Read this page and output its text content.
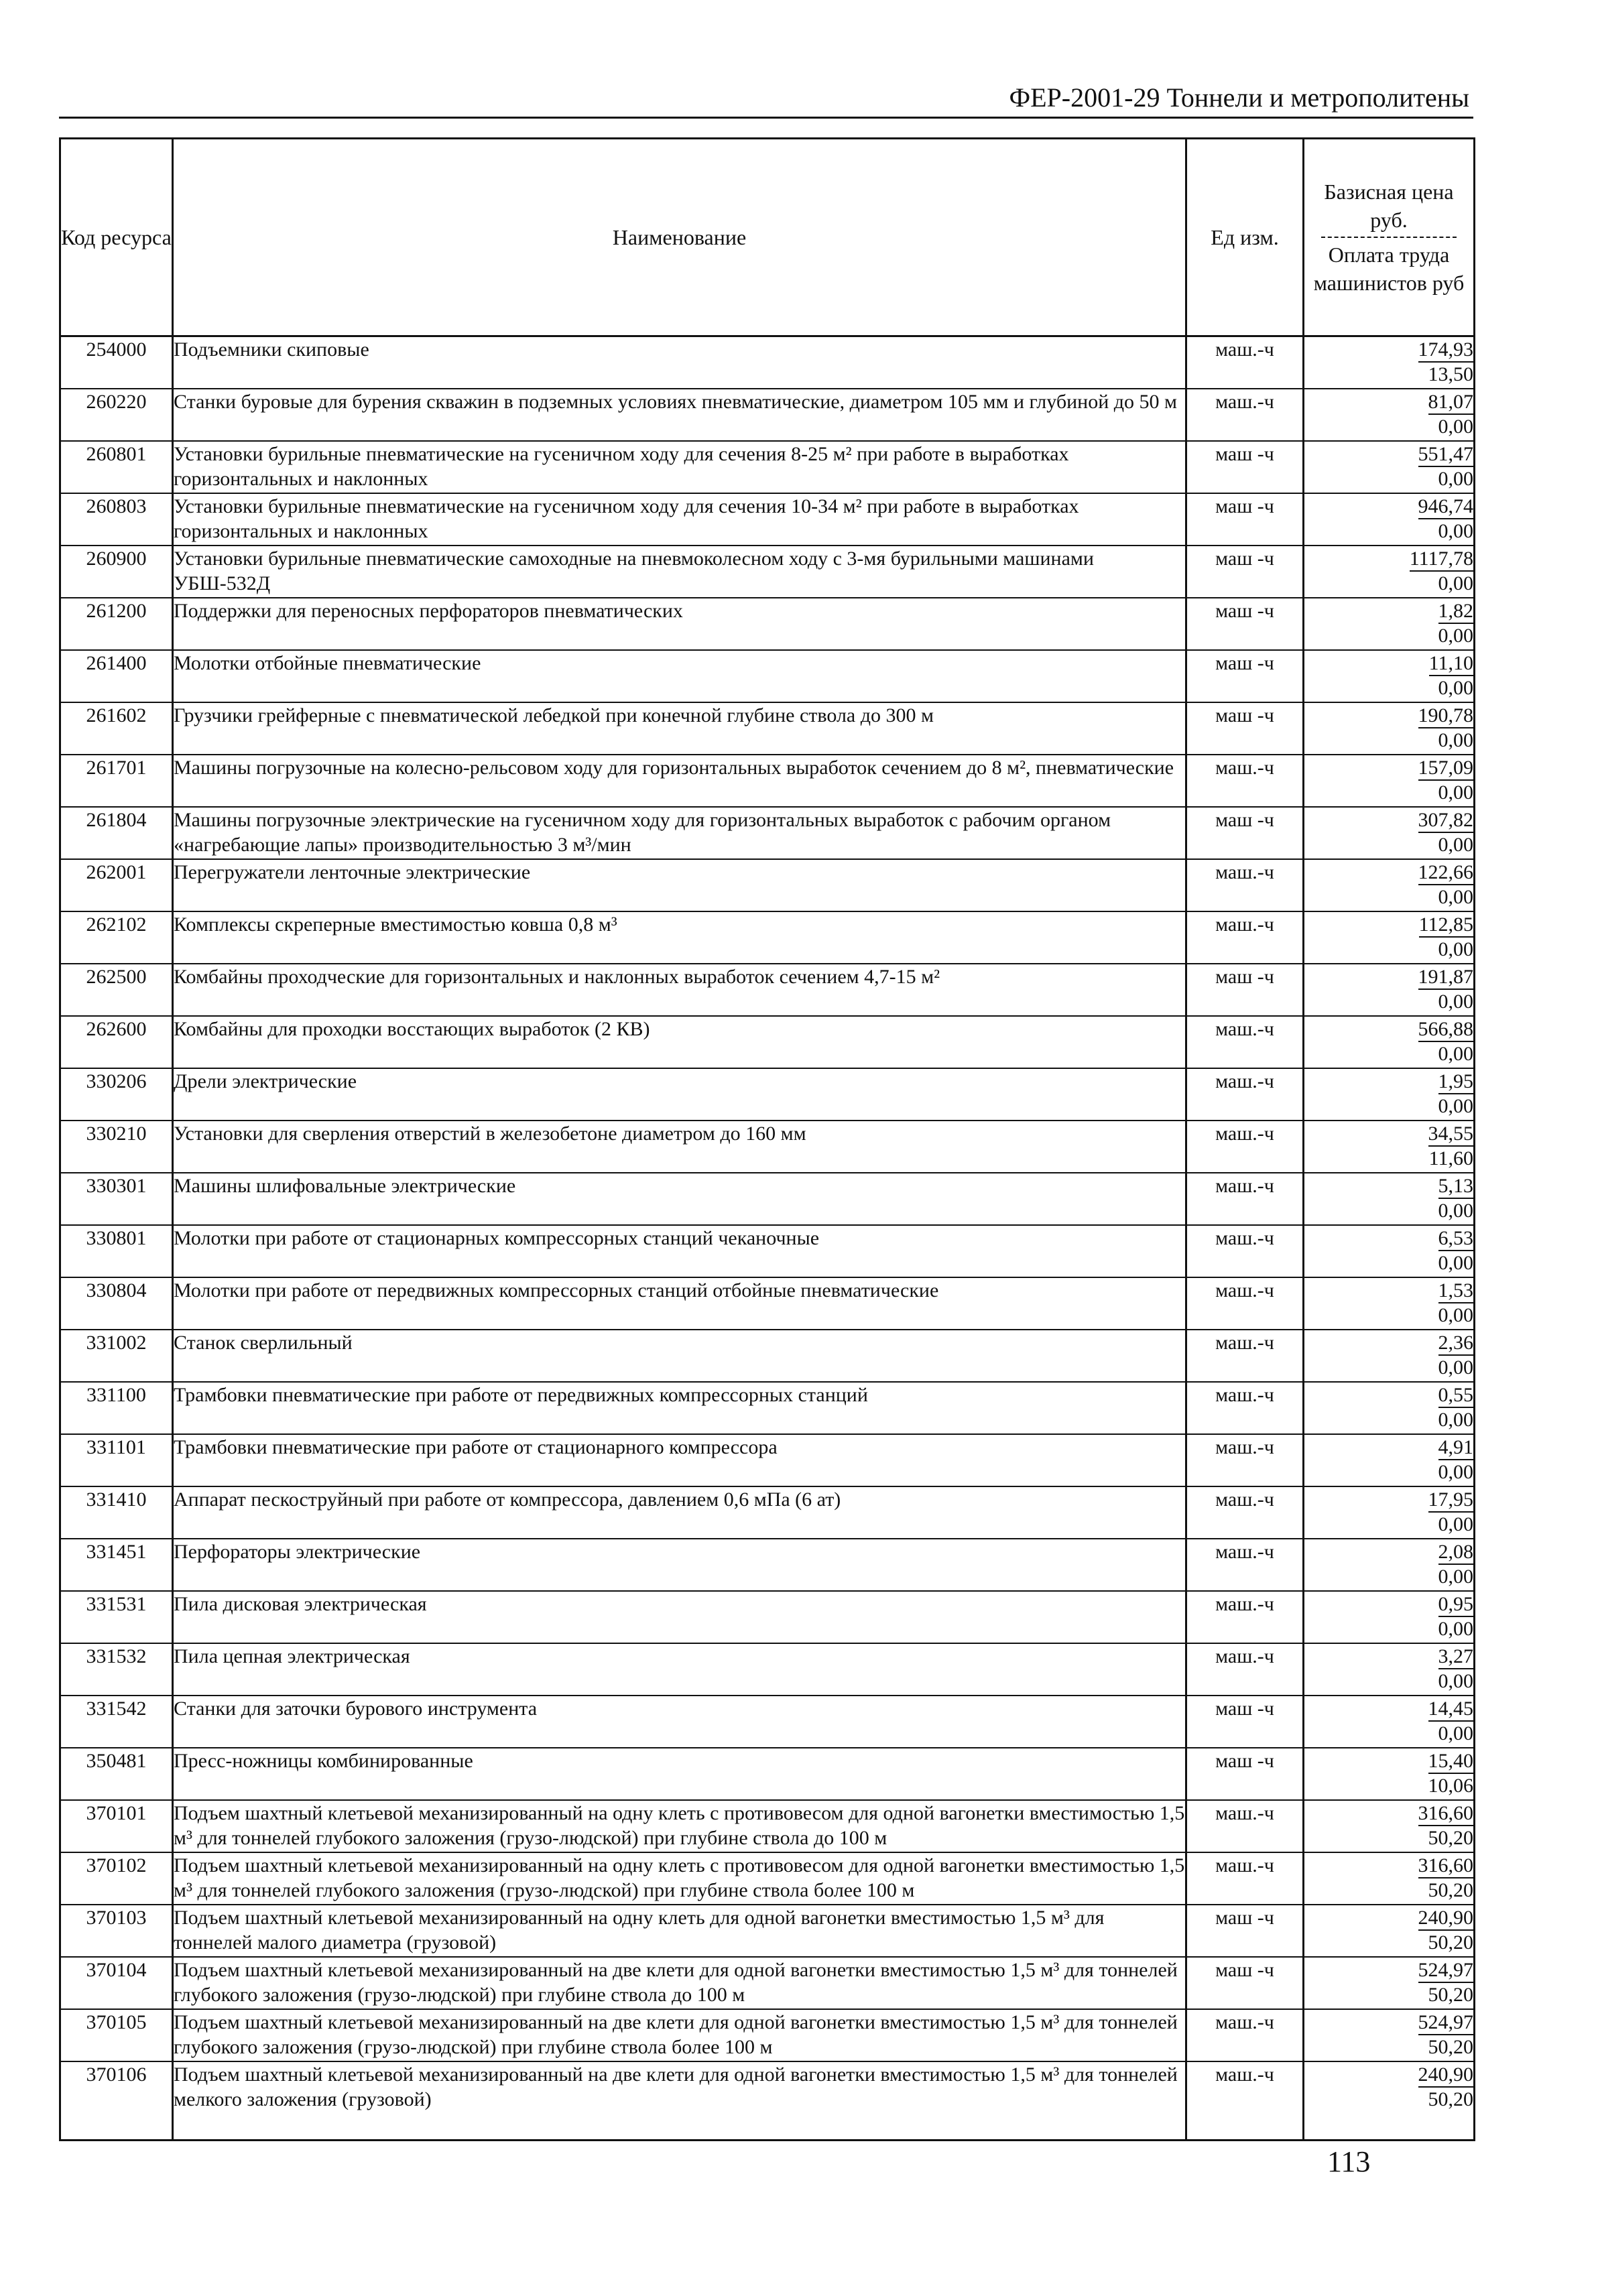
ФЕР-2001-29 Тоннели и метрополитены
Код ресурса	Наименование	Ед изм.	Базисная цена руб.
Оплата труда машинистов руб

254000	Подъемники скиповые	маш.-ч	174,93
13,50

260220	Станки буровые для бурения скважин в подземных условиях пневматические, диаметром 105 мм и глубиной до 50 м	маш.-ч	81,07
0,00

260801	Установки бурильные пневматические на гусеничном ходу для сечения 8-25 м² при работе в выработках горизонтальных и наклонных	маш -ч	551,47
0,00

260803	Установки бурильные пневматические на гусеничном ходу для сечения 10-34 м² при работе в выработках горизонтальных и наклонных	маш -ч	946,74
0,00

260900	Установки бурильные пневматические самоходные на пневмоколесном ходу с 3-мя бурильными машинами УБШ-532Д	маш -ч	1117,78
0,00

261200	Поддержки для переносных перфораторов пневматических	маш -ч	1,82
0,00

261400	Молотки отбойные пневматические	маш -ч	11,10
0,00

261602	Грузчики грейферные с пневматической лебедкой при конечной глубине ствола до 300 м	маш -ч	190,78
0,00

261701	Машины погрузочные на колесно-рельсовом ходу для горизонтальных выработок сечением до 8 м², пневматические	маш.-ч	157,09
0,00

261804	Машины погрузочные электрические на гусеничном ходу для горизонтальных выработок с рабочим органом «нагребающие лапы» производительностью 3 м³/мин	маш -ч	307,82
0,00

262001	Перегружатели ленточные электрические	маш.-ч	122,66
0,00

262102	Комплексы скреперные вместимостью ковша 0,8 м³	маш.-ч	112,85
0,00

262500	Комбайны проходческие для горизонтальных и наклонных выработок сечением 4,7-15 м²	маш -ч	191,87
0,00

262600	Комбайны для проходки восстающих выработок (2 КВ)	маш.-ч	566,88
0,00

330206	Дрели электрические	маш.-ч	1,95
0,00

330210	Установки для сверления отверстий в железобетоне диаметром до 160 мм	маш.-ч	34,55
11,60

330301	Машины шлифовальные электрические	маш.-ч	5,13
0,00

330801	Молотки при работе от стационарных компрессорных станций чеканочные	маш.-ч	6,53
0,00

330804	Молотки при работе от передвижных компрессорных станций отбойные пневматические	маш.-ч	1,53
0,00

331002	Станок сверлильный	маш.-ч	2,36
0,00

331100	Трамбовки пневматические при работе от передвижных компрессорных станций	маш.-ч	0,55
0,00

331101	Трамбовки пневматические при работе от стационарного компрессора	маш.-ч	4,91
0,00

331410	Аппарат пескоструйный при работе от компрессора, давлением 0,6 мПа (6 ат)	маш.-ч	17,95
0,00

331451	Перфораторы электрические	маш.-ч	2,08
0,00

331531	Пила дисковая электрическая	маш.-ч	0,95
0,00

331532	Пила цепная электрическая	маш.-ч	3,27
0,00

331542	Станки для заточки бурового инструмента	маш -ч	14,45
0,00

350481	Пресс-ножницы комбинированные	маш -ч	15,40
10,06

370101	Подъем шахтный клетьевой механизированный на одну клеть с противовесом для одной вагонетки вместимостью 1,5 м³ для тоннелей глубокого заложения (грузо-людской) при глубине ствола до 100 м	маш.-ч	316,60
50,20

370102	Подъем шахтный клетьевой механизированный на одну клеть с противовесом для одной вагонетки вместимостью 1,5 м³ для тоннелей глубокого заложения (грузо-людской) при глубине ствола более 100 м	маш.-ч	316,60
50,20

370103	Подъем шахтный клетьевой механизированный на одну клеть для одной вагонетки вместимостью 1,5 м³ для тоннелей малого диаметра (грузовой)	маш -ч	240,90
50,20

370104	Подъем шахтный клетьевой механизированный на две клети для одной вагонетки вместимостью 1,5 м³ для тоннелей глубокого заложения (грузо-людской) при глубине ствола до 100 м	маш -ч	524,97
50,20

370105	Подъем шахтный клетьевой механизированный на две клети для одной вагонетки вместимостью 1,5 м³ для тоннелей глубокого заложения (грузо-людской) при глубине ствола более 100 м	маш.-ч	524,97
50,20

370106	Подъем шахтный клетьевой механизированный на две клети для одной вагонетки вместимостью 1,5 м³ для тоннелей мелкого заложения (грузовой)	маш.-ч	240,90
50,20
113
